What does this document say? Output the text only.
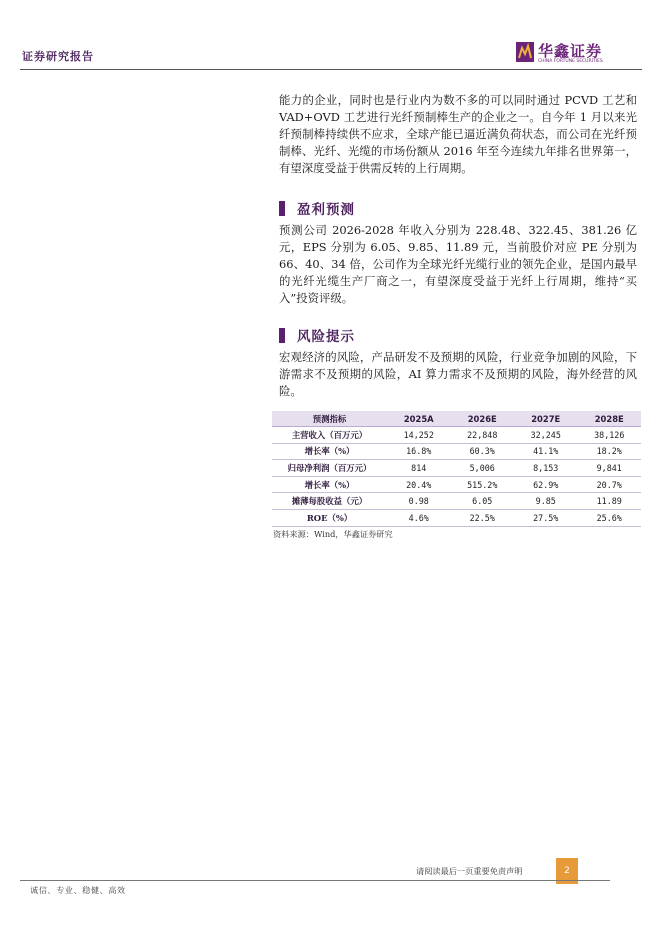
证券研究报告	华鑫证券
CHINA FORTUNE SECURITIES

能力的企业，同时也是行业内为数不多的可以同时通过 PCVD 工艺和 VAD+OVD 工艺进行光纤预制棒生产的企业之一。自今年 1 月以来光纤预制棒持续供不应求，全球产能已逼近满负荷状态，而公司在光纤预制棒、光纤、光缆的市场份额从 2016 年至今连续九年排名世界第一，有望深度受益于供需反转的上行周期。

盈利预测

预测公司 2026-2028 年收入分别为 228.48、322.45、381.26 亿元，EPS 分别为 6.05、9.85、11.89 元，当前股价对应 PE 分别为 66、40、34 倍，公司作为全球光纤光缆行业的领先企业，是国内最早的光纤光缆生产厂商之一，有望深度受益于光纤上行周期，维持“买入”投资评级。

风险提示

宏观经济的风险，产品研发不及预期的风险，行业竞争加剧的风险，下游需求不及预期的风险，AI 算力需求不及预期的风险，海外经营的风险。

预测指标	2025A	2026E	2027E	2028E
主营收入（百万元）	14,252	22,848	32,245	38,126
增长率（%）	16.8%	60.3%	41.1%	18.2%
归母净利润（百万元）	814	5,006	8,153	9,841
增长率（%）	20.4%	515.2%	62.9%	20.7%
摊薄每股收益（元）	0.98	6.05	9.85	11.89
ROE（%）	4.6%	22.5%	27.5%	25.6%
资料来源：Wind，华鑫证券研究
请阅读最后一页重要免责声明	2
诚信、专业、稳健、高效
